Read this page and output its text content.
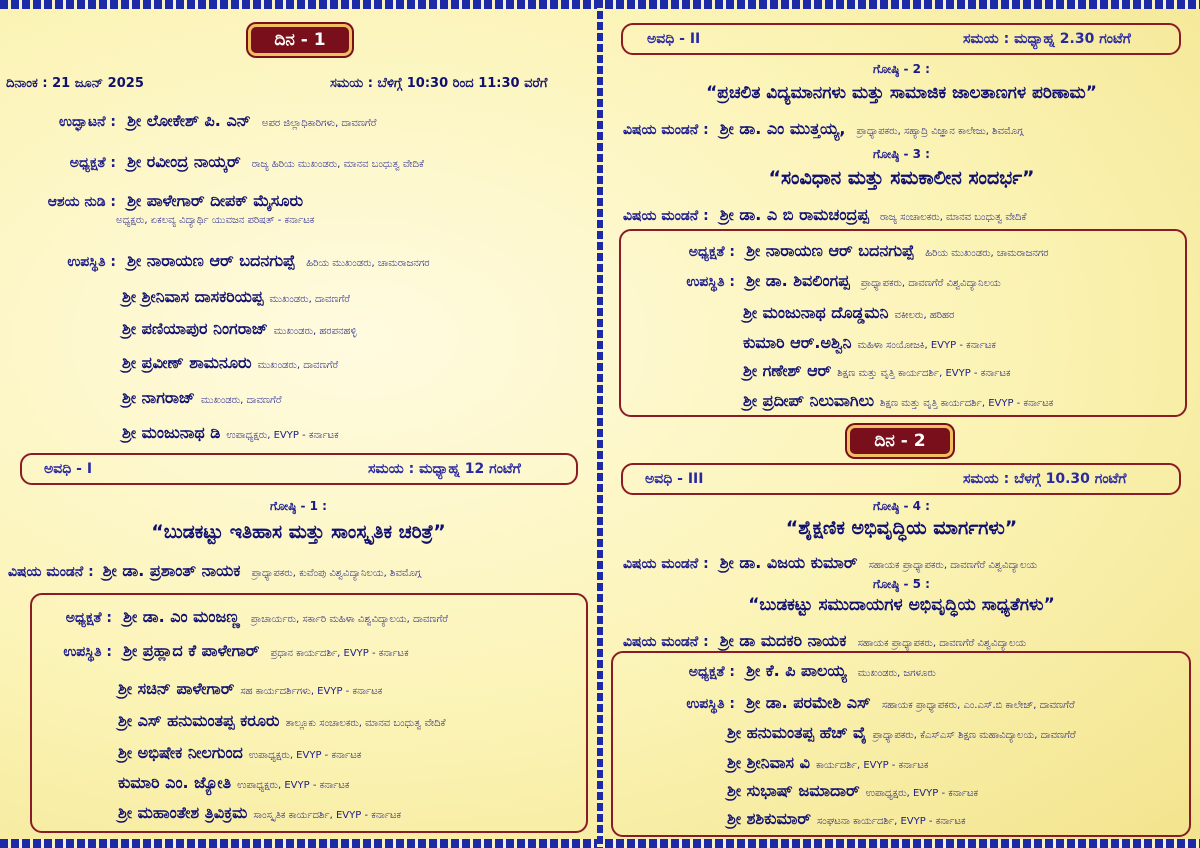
ದಿನ - 1
ದಿನಾಂಕ : 21 ಜೂನ್ 2025	ಸಮಯ : ಬೆಳಿಗ್ಗೆ 10:30 ರಿಂದ 11:30 ವರೆಗೆ
ಉದ್ಘಾಟನೆ : ಶ್ರೀ ಲೋಕೇಶ್ ಪಿ. ಎನ್ ಅಪರ ಜಿಲ್ಲಾಧಿಕಾರಿಗಳು, ದಾವಣಗೆರೆ
ಅಧ್ಯಕ್ಷತೆ : ಶ್ರೀ ರವೀಂದ್ರ ನಾಯ್ಕರ್ ರಾಜ್ಯ ಹಿರಿಯ ಮುಖಂಡರು, ಮಾನವ ಬಂಧುತ್ವ ವೇದಿಕೆ
ಆಶಯ ನುಡಿ : ಶ್ರೀ ಪಾಳೇಗಾರ್ ದೀಪಕ್ ಮೈಸೂರು
ಅಧ್ಯಕ್ಷರು, ಏಕಲವ್ಯ ವಿದ್ಯಾರ್ಥಿ ಯುವಜನ ಪರಿಷತ್ - ಕರ್ನಾಟಕ
ಉಪಸ್ಥಿತಿ : ಶ್ರೀ ನಾರಾಯಣ ಆರ್ ಬದನಗುಪ್ಪೆ ಹಿರಿಯ ಮುಖಂಡರು, ಚಾಮರಾಜನಗರ
ಶ್ರೀ ಶ್ರೀನಿವಾಸ ದಾಸಕರಿಯಪ್ಪ ಮುಖಂಡರು, ದಾವಣಗೆರೆ
ಶ್ರೀ ಪಣಿಯಾಪುರ ನಿಂಗರಾಜ್ ಮುಖಂಡರು, ಹರಪನಹಳ್ಳಿ
ಶ್ರೀ ಪ್ರವೀಣ್ ಶಾಮನೂರು ಮುಖಂಡರು, ದಾವಣಗೆರೆ
ಶ್ರೀ ನಾಗರಾಜ್ ಮುಖಂಡರು, ದಾವಣಗೆರೆ
ಶ್ರೀ ಮಂಜುನಾಥ ಡಿ ಉಪಾಧ್ಯಕ್ಷರು, EVYP - ಕರ್ನಾಟಕ
ಅವಧಿ - I	ಸಮಯ : ಮಧ್ಯಾಹ್ನ 12 ಗಂಟೆಗೆ
ಗೋಷ್ಠಿ - 1 :
“ಬುಡಕಟ್ಟು ಇತಿಹಾಸ ಮತ್ತು ಸಾಂಸ್ಕೃತಿಕ ಚರಿತ್ರೆ”
ವಿಷಯ ಮಂಡನೆ : ಶ್ರೀ ಡಾ. ಪ್ರಶಾಂತ್ ನಾಯಕ ಪ್ರಾಧ್ಯಾಪಕರು, ಕುವೆಂಪು ವಿಶ್ವವಿದ್ಯಾನಿಲಯ, ಶಿವಮೊಗ್ಗ
ಅಧ್ಯಕ್ಷತೆ : ಶ್ರೀ ಡಾ. ಎಂ ಮಂಜಣ್ಣ ಪ್ರಾಚಾರ್ಯರು, ಸರ್ಕಾರಿ ಮಹಿಳಾ ವಿಶ್ವವಿದ್ಯಾಲಯ, ದಾವಣಗೆರೆ
ಉಪಸ್ಥಿತಿ : ಶ್ರೀ ಪ್ರಹ್ಲಾದ ಕೆ ಪಾಳೇಗಾರ್ ಪ್ರಧಾನ ಕಾರ್ಯದರ್ಶಿ, EVYP - ಕರ್ನಾಟಕ
ಶ್ರೀ ಸಚಿನ್ ಪಾಳೇಗಾರ್ ಸಹ ಕಾರ್ಯದರ್ಶಿಗಳು, EVYP - ಕರ್ನಾಟಕ
ಶ್ರೀ ಎಸ್ ಹನುಮಂತಪ್ಪ ಕರೂರು ತಾಲ್ಲೂಕು ಸಂಚಾಲಕರು, ಮಾನವ ಬಂಧುತ್ವ ವೇದಿಕೆ
ಶ್ರೀ ಅಭಿಷೇಕ ನೀಲಗುಂದ ಉಪಾಧ್ಯಕ್ಷರು, EVYP - ಕರ್ನಾಟಕ
ಕುಮಾರಿ ಎಂ. ಜ್ಯೋತಿ ಉಪಾಧ್ಯಕ್ಷರು, EVYP - ಕರ್ನಾಟಕ
ಶ್ರೀ ಮಹಾಂತೇಶ ತ್ರಿವಿಕ್ರಮ ಸಾಂಸ್ಕೃತಿಕ ಕಾರ್ಯದರ್ಶಿ, EVYP - ಕರ್ನಾಟಕ
ಅವಧಿ - II	ಸಮಯ : ಮಧ್ಯಾಹ್ನ 2.30 ಗಂಟೆಗೆ
ಗೋಷ್ಠಿ - 2 :
“ಪ್ರಚಲಿತ ವಿದ್ಯಮಾನಗಳು ಮತ್ತು ಸಾಮಾಜಿಕ ಜಾಲತಾಣಗಳ ಪರಿಣಾಮ”
ವಿಷಯ ಮಂಡನೆ : ಶ್ರೀ ಡಾ. ಎಂ ಮುತ್ತಯ್ಯ, ಪ್ರಾಧ್ಯಾಪಕರು, ಸಹ್ಯಾದ್ರಿ ವಿಜ್ಞಾನ ಕಾಲೇಜು, ಶಿವಮೊಗ್ಗ
ಗೋಷ್ಠಿ - 3 :
“ಸಂವಿಧಾನ ಮತ್ತು ಸಮಕಾಲೀನ ಸಂದರ್ಭ”
ವಿಷಯ ಮಂಡನೆ : ಶ್ರೀ ಡಾ. ಎ ಬಿ ರಾಮಚಂದ್ರಪ್ಪ ರಾಜ್ಯ ಸಂಚಾಲಕರು, ಮಾನವ ಬಂಧುತ್ವ ವೇದಿಕೆ
ಅಧ್ಯಕ್ಷತೆ : ಶ್ರೀ ನಾರಾಯಣ ಆರ್ ಬದನಗುಪ್ಪೆ ಹಿರಿಯ ಮುಖಂಡರು, ಚಾಮರಾಜನಗರ
ಉಪಸ್ಥಿತಿ : ಶ್ರೀ ಡಾ. ಶಿವಲಿಂಗಪ್ಪ ಪ್ರಾಧ್ಯಾಪಕರು, ದಾವಣಗೆರೆ ವಿಶ್ವವಿದ್ಯಾನಿಲಯ
ಶ್ರೀ ಮಂಜುನಾಥ ದೊಡ್ಡಮನಿ ವಕೀಲರು, ಹರಿಹರ
ಕುಮಾರಿ ಆರ್.ಅಶ್ವಿನಿ ಮಹಿಳಾ ಸಂಯೋಜಕಿ, EVYP - ಕರ್ನಾಟಕ
ಶ್ರೀ ಗಣೇಶ್ ಆರ್ ಶಿಕ್ಷಣ ಮತ್ತು ವೃತ್ತಿ ಕಾರ್ಯದರ್ಶಿ, EVYP - ಕರ್ನಾಟಕ
ಶ್ರೀ ಪ್ರದೀಪ್ ನಿಲುವಾಗಿಲು ಶಿಕ್ಷಣ ಮತ್ತು ವೃತ್ತಿ ಕಾರ್ಯದರ್ಶಿ, EVYP - ಕರ್ನಾಟಕ
ದಿನ - 2
ಅವಧಿ - III	ಸಮಯ : ಬೆಳಗ್ಗೆ 10.30 ಗಂಟೆಗೆ
ಗೋಷ್ಠಿ - 4 :
“ಶೈಕ್ಷಣಿಕ ಅಭಿವೃದ್ಧಿಯ ಮಾರ್ಗಗಳು”
ವಿಷಯ ಮಂಡನೆ : ಶ್ರೀ ಡಾ. ವಿಜಯ ಕುಮಾರ್ ಸಹಾಯಕ ಪ್ರಾಧ್ಯಾಪಕರು, ದಾವಣಗೆರೆ ವಿಶ್ವವಿದ್ಯಾಲಯ
ಗೋಷ್ಠಿ - 5 :
“ಬುಡಕಟ್ಟು ಸಮುದಾಯಗಳ ಅಭಿವೃದ್ಧಿಯ ಸಾಧ್ಯತೆಗಳು”
ವಿಷಯ ಮಂಡನೆ : ಶ್ರೀ ಡಾ ಮದಕರಿ ನಾಯಕ ಸಹಾಯಕ ಪ್ರಾಧ್ಯಾಪಕರು, ದಾವಣಗೆರೆ ವಿಶ್ವವಿದ್ಯಾಲಯ
ಅಧ್ಯಕ್ಷತೆ : ಶ್ರೀ ಕೆ. ಪಿ ಪಾಲಯ್ಯ ಮುಖಂಡರು, ಜಗಳೂರು
ಉಪಸ್ಥಿತಿ : ಶ್ರೀ ಡಾ. ಪರಮೇಶಿ ಎಸ್ ಸಹಾಯಕ ಪ್ರಾಧ್ಯಾಪಕರು, ಎಂ.ಎಸ್.ಬಿ ಕಾಲೇಜ್, ದಾವಣಗೆರೆ
ಶ್ರೀ ಹನುಮಂತಪ್ಪ ಹೆಚ್ ವೈ ಪ್ರಾಧ್ಯಾಪಕರು, ಕೆಎಸ್ಎಸ್ ಶಿಕ್ಷಣ ಮಹಾವಿದ್ಯಾಲಯ, ದಾವಣಗೆರೆ
ಶ್ರೀ ಶ್ರೀನಿವಾಸ ವಿ ಕಾರ್ಯದರ್ಶಿ, EVYP - ಕರ್ನಾಟಕ
ಶ್ರೀ ಸುಭಾಷ್ ಜಮಾದಾರ್ ಉಪಾಧ್ಯಕ್ಷರು, EVYP - ಕರ್ನಾಟಕ
ಶ್ರೀ ಶಶಿಕುಮಾರ್ ಸಂಘಟನಾ ಕಾರ್ಯದರ್ಶಿ, EVYP - ಕರ್ನಾಟಕ
